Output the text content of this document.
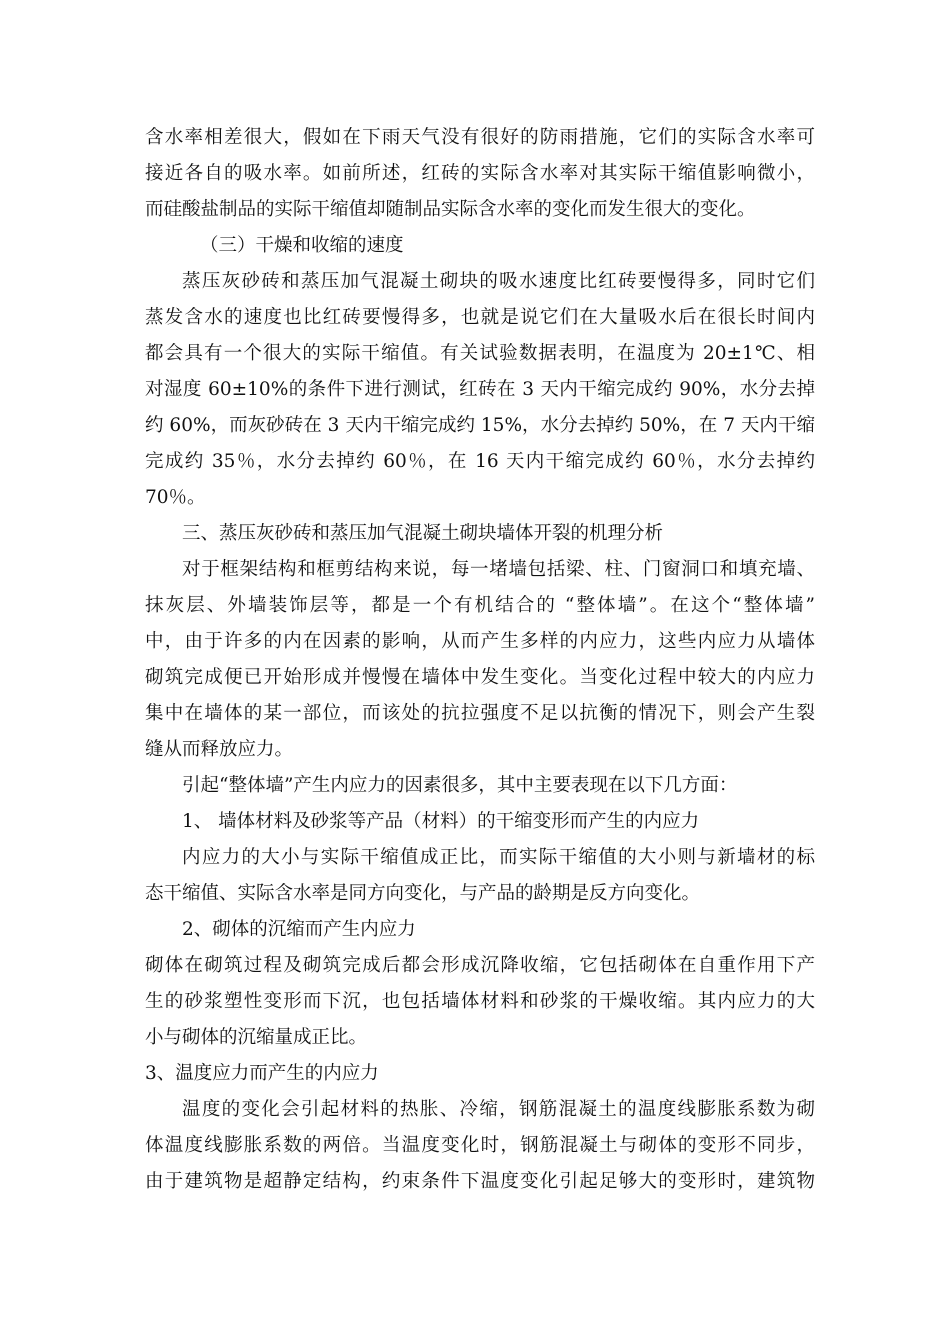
含水率相差很大，假如在下雨天气没有很好的防雨措施，它们的实际含水率可
接近各自的吸水率。如前所述，红砖的实际含水率对其实际干缩值影响微小，
而硅酸盐制品的实际干缩值却随制品实际含水率的变化而发生很大的变化。
（三）干燥和收缩的速度
蒸压灰砂砖和蒸压加气混凝土砌块的吸水速度比红砖要慢得多，同时它们
蒸发含水的速度也比红砖要慢得多，也就是说它们在大量吸水后在很长时间内
都会具有一个很大的实际干缩值。有关试验数据表明，在温度为 20±1℃、相
对湿度 60±10%的条件下进行测试，红砖在 3 天内干缩完成约 90%，水分去掉
约 60%，而灰砂砖在 3 天内干缩完成约 15%，水分去掉约 50%，在 7 天内干缩
完成约 35％，水分去掉约 60％，在 16 天内干缩完成约 60％，水分去掉约
70％。
三、蒸压灰砂砖和蒸压加气混凝土砌块墙体开裂的机理分析
对于框架结构和框剪结构来说，每一堵墙包括梁、柱、门窗洞口和填充墙、
抹灰层、外墙装饰层等，都是一个有机结合的 “整体墙”。在这个“整体墙”
中，由于许多的内在因素的影响，从而产生多样的内应力，这些内应力从墙体
砌筑完成便已开始形成并慢慢在墙体中发生变化。当变化过程中较大的内应力
集中在墙体的某一部位，而该处的抗拉强度不足以抗衡的情况下，则会产生裂
缝从而释放应力。
引起“整体墙”产生内应力的因素很多，其中主要表现在以下几方面：
1、 墙体材料及砂浆等产品（材料）的干缩变形而产生的内应力
内应力的大小与实际干缩值成正比，而实际干缩值的大小则与新墙材的标
态干缩值、实际含水率是同方向变化，与产品的龄期是反方向变化。
2、砌体的沉缩而产生内应力
砌体在砌筑过程及砌筑完成后都会形成沉降收缩，它包括砌体在自重作用下产
生的砂浆塑性变形而下沉，也包括墙体材料和砂浆的干燥收缩。其内应力的大
小与砌体的沉缩量成正比。
3、温度应力而产生的内应力
温度的变化会引起材料的热胀、冷缩，钢筋混凝土的温度线膨胀系数为砌
体温度线膨胀系数的两倍。当温度变化时，钢筋混凝土与砌体的变形不同步，
由于建筑物是超静定结构，约束条件下温度变化引起足够大的变形时，建筑物
